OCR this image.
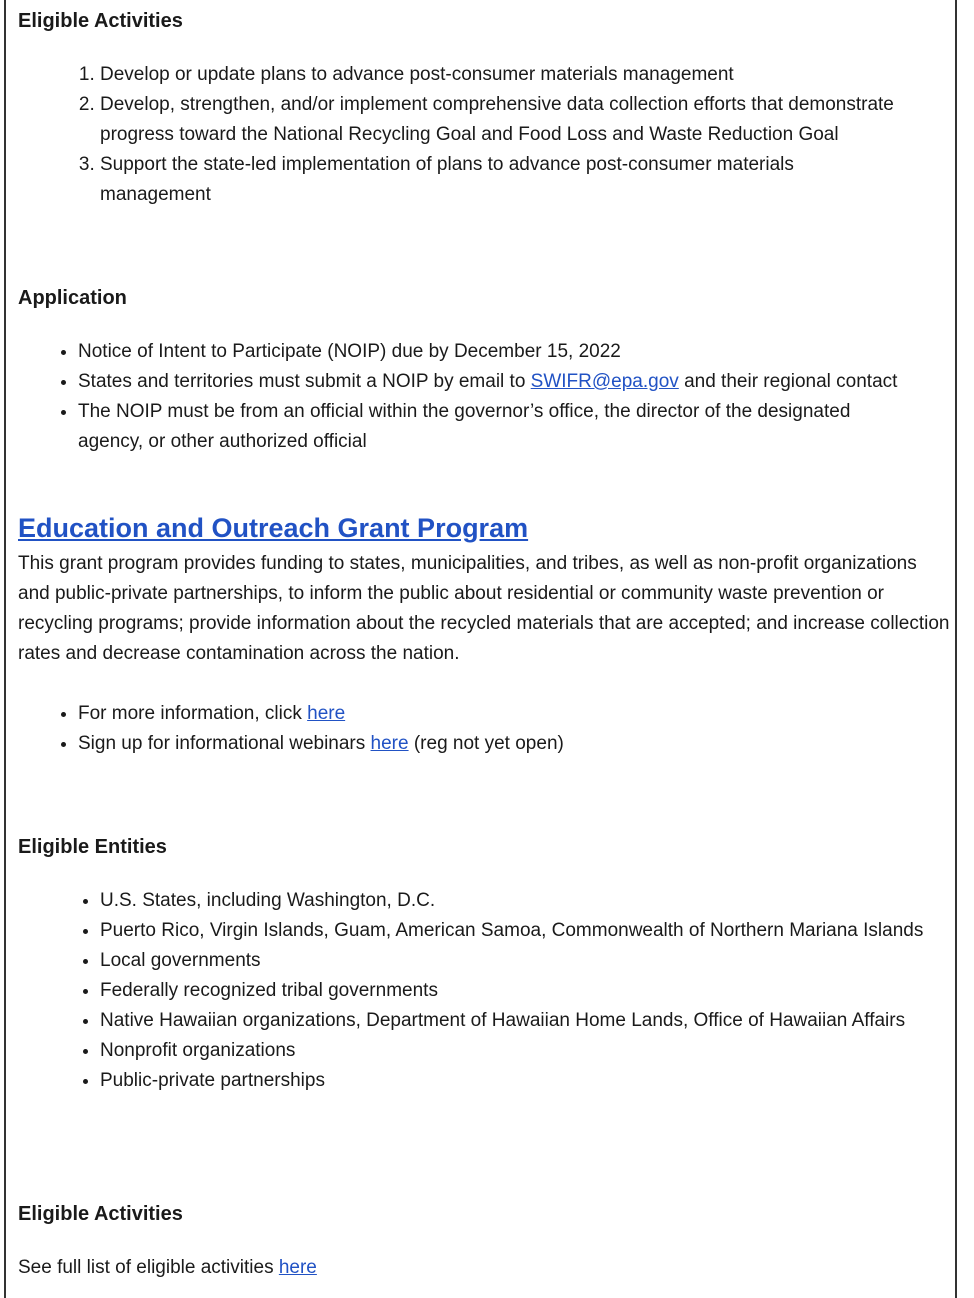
Eligible Activities
1. Develop or update plans to advance post-consumer materials management
2. Develop, strengthen, and/or implement comprehensive data collection efforts that demonstrate progress toward the National Recycling Goal and Food Loss and Waste Reduction Goal
3. Support the state-led implementation of plans to advance post-consumer materials management
Application
• Notice of Intent to Participate (NOIP) due by December 15, 2022
• States and territories must submit a NOIP by email to SWIFR@epa.gov and their regional contact
• The NOIP must be from an official within the governor’s office, the director of the designated agency, or other authorized official
Education and Outreach Grant Program

This grant program provides funding to states, municipalities, and tribes, as well as non-profit organizations and public-private partnerships, to inform the public about residential or community waste prevention or recycling programs; provide information about the recycled materials that are accepted; and increase collection rates and decrease contamination across the nation.

• For more information, click here
• Sign up for informational webinars here (reg not yet open)
Eligible Entities
• U.S. States, including Washington, D.C.
• Puerto Rico, Virgin Islands, Guam, American Samoa, Commonwealth of Northern Mariana Islands
• Local governments
• Federally recognized tribal governments
• Native Hawaiian organizations, Department of Hawaiian Home Lands, Office of Hawaiian Affairs
• Nonprofit organizations
• Public-private partnerships
Eligible Activities

See full list of eligible activities here
